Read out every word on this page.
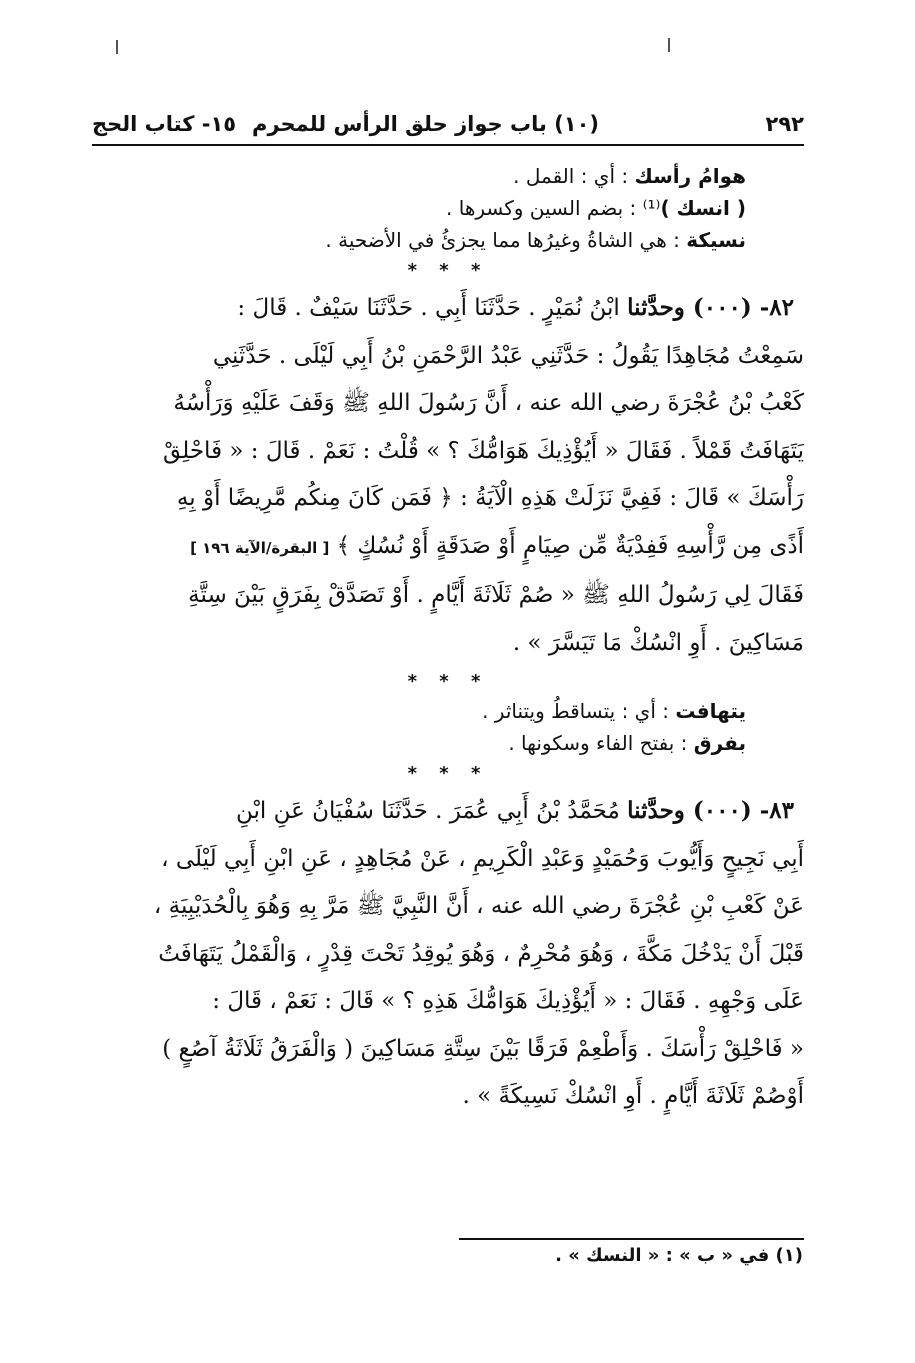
٢٩٢
(١٠) باب جواز حلق الرأس للمحرم
١٥- كتاب الحج

هوامُ رأسك : أي : القمل .

( انسك )⁽¹⁾ : بضم السين وكسرها .

نسيكة : هي الشاةُ وغيرُها مما يجزئُ في الأضحية .

* * *

٨٢- (٠٠٠) وحدَّثنا ابْنُ نُمَيْرٍ . حَدَّثَنَا أَبِي . حَدَّثَنَا سَيْفٌ . قَالَ :

سَمِعْتُ مُجَاهِدًا يَقُولُ : حَدَّثَنِي عَبْدُ الرَّحْمَنِ بْنُ أَبِي لَيْلَى . حَدَّثَنِي

كَعْبُ بْنُ عُجْرَةَ رضي الله عنه ، أَنَّ رَسُولَ اللهِ ﷺ وَقَفَ عَلَيْهِ وَرَأْسُهُ

يَتَهَافَتُ قَمْلاً . فَقَالَ « أَيُؤْذِيكَ هَوَامُّكَ ؟ » قُلْتُ : نَعَمْ . قَالَ : « فَاحْلِقْ

رَأْسَكَ » قَالَ : فَفِيَّ نَزَلَتْ هَذِهِ الْآيَةُ : ﴿ فَمَن كَانَ مِنكُم مَّرِيضًا أَوْ بِهِ

أَذًى مِن رَّأْسِهِ فَفِدْيَةٌ مِّن صِيَامٍ أَوْ صَدَقَةٍ أَوْ نُسُكٍ ﴾ [ البقرة/الآية ١٩٦ ]

فَقَالَ لِي رَسُولُ اللهِ ﷺ « صُمْ ثَلَاثَةَ أَيَّامٍ . أَوْ تَصَدَّقْ بِفَرَقٍ بَيْنَ سِتَّةِ

مَسَاكِينَ . أَوِ انْسُكْ مَا تَيَسَّرَ » .

* * *

يتهافت : أي : يتساقطُ ويتناثر .

بفرق : بفتح الفاء وسكونها .

* * *

٨٣- (٠٠٠) وحدَّثنا مُحَمَّدُ بْنُ أَبِي عُمَرَ . حَدَّثَنَا سُفْيَانُ عَنِ ابْنِ

أَبِي نَجِيحٍ وَأَيُّوبَ وَحُمَيْدٍ وَعَبْدِ الْكَرِيمِ ، عَنْ مُجَاهِدٍ ، عَنِ ابْنِ أَبِي لَيْلَى ،

عَنْ كَعْبِ بْنِ عُجْرَةَ رضي الله عنه ، أَنَّ النَّبِيَّ ﷺ مَرَّ بِهِ وَهُوَ بِالْحُدَيْبِيَةِ ،

قَبْلَ أَنْ يَدْخُلَ مَكَّةَ ، وَهُوَ مُحْرِمٌ ، وَهُوَ يُوقِدُ تَحْتَ قِدْرٍ ، وَالْقَمْلُ يَتَهَافَتُ

عَلَى وَجْهِهِ . فَقَالَ : « أَيُؤْذِيكَ هَوَامُّكَ هَذِهِ ؟ » قَالَ : نَعَمْ ، قَالَ :

« فَاحْلِقْ رَأْسَكَ . وَأَطْعِمْ فَرَقًا بَيْنَ سِتَّةِ مَسَاكِينَ ( وَالْفَرَقُ ثَلَاثَةُ آصُعٍ )

أَوْصُمْ ثَلَاثَةَ أَيَّامٍ . أَوِ انْسُكْ نَسِيكَةً » .

(١) في « ب » : « النسك » .
